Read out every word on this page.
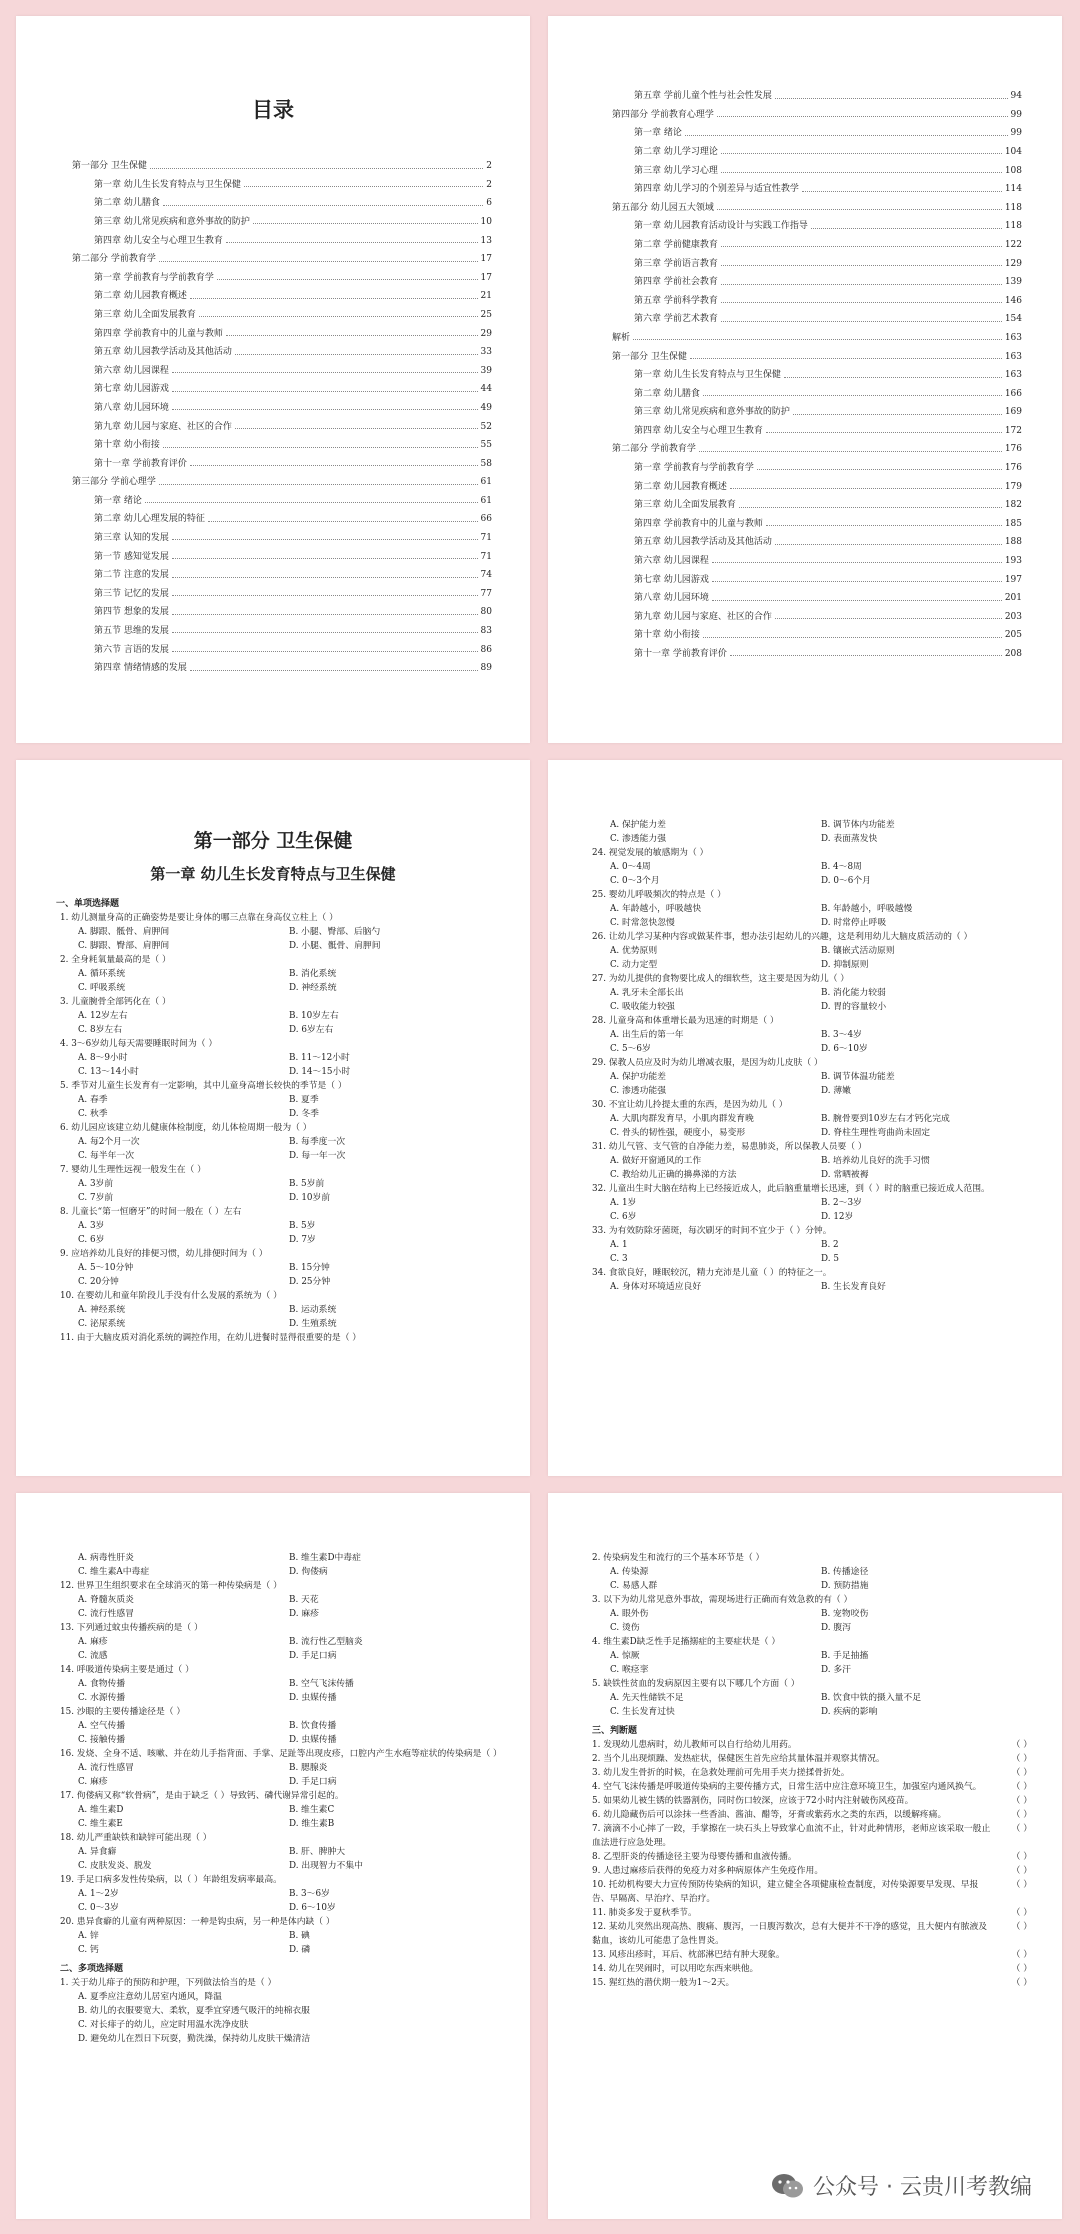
目录
第一部分 卫生保健	2
第一章 幼儿生长发育特点与卫生保健	2
第二章 幼儿膳食	6
第三章 幼儿常见疾病和意外事故的防护	10
第四章 幼儿安全与心理卫生教育	13
第二部分 学前教育学	17
第一章 学前教育与学前教育学	17
第二章 幼儿园教育概述	21
第三章 幼儿全面发展教育	25
第四章 学前教育中的儿童与教师	29
第五章 幼儿园教学活动及其他活动	33
第六章 幼儿园课程	39
第七章 幼儿园游戏	44
第八章 幼儿园环境	49
第九章 幼儿园与家庭、社区的合作	52
第十章 幼小衔接	55
第十一章 学前教育评价	58
第三部分 学前心理学	61
第一章 绪论	61
第二章 幼儿心理发展的特征	66
第三章 认知的发展	71
第一节 感知觉发展	71
第二节 注意的发展	74
第三节 记忆的发展	77
第四节 想象的发展	80
第五节 思维的发展	83
第六节 言语的发展	86
第四章 情绪情感的发展	89
第五章 学前儿童个性与社会性发展	94
第四部分 学前教育心理学	99
第一章 绪论	99
第二章 幼儿学习理论	104
第三章 幼儿学习心理	108
第四章 幼儿学习的个别差异与适宜性教学	114
第五部分 幼儿园五大领域	118
第一章 幼儿园教育活动设计与实践工作指导	118
第二章 学前健康教育	122
第三章 学前语言教育	129
第四章 学前社会教育	139
第五章 学前科学教育	146
第六章 学前艺术教育	154
解析	163
第一部分 卫生保健	163
第一章 幼儿生长发育特点与卫生保健	163
第二章 幼儿膳食	166
第三章 幼儿常见疾病和意外事故的防护	169
第四章 幼儿安全与心理卫生教育	172
第二部分 学前教育学	176
第一章 学前教育与学前教育学	176
第二章 幼儿园教育概述	179
第三章 幼儿全面发展教育	182
第四章 学前教育中的儿童与教师	185
第五章 幼儿园教学活动及其他活动	188
第六章 幼儿园课程	193
第七章 幼儿园游戏	197
第八章 幼儿园环境	201
第九章 幼儿园与家庭、社区的合作	203
第十章 幼小衔接	205
第十一章 学前教育评价	208
第一部分 卫生保健
第一章 幼儿生长发育特点与卫生保健
一、单项选择题
1. 幼儿测量身高的正确姿势是要让身体的哪三点靠在身高仪立柱上（ ）
A. 脚跟、骶骨、肩胛间	B. 小腿、臀部、后脑勺
C. 脚跟、臀部、肩胛间	D. 小腿、骶骨、肩胛间
2. 全身耗氧量最高的是（ ）
A. 循环系统	B. 消化系统
C. 呼吸系统	D. 神经系统
3. 儿童腕骨全部钙化在（ ）
A. 12岁左右	B. 10岁左右
C. 8岁左右	D. 6岁左右
4. 3～6岁幼儿每天需要睡眠时间为（ ）
A. 8～9小时	B. 11～12小时
C. 13～14小时	D. 14～15小时
5. 季节对儿童生长发育有一定影响，其中儿童身高增长较快的季节是（ ）
A. 春季	B. 夏季
C. 秋季	D. 冬季
6. 幼儿园应该建立幼儿健康体检制度，幼儿体检周期一般为（ ）
A. 每2个月一次	B. 每季度一次
C. 每半年一次	D. 每一年一次
7. 婴幼儿生理性远视一般发生在（ ）
A. 3岁前	B. 5岁前
C. 7岁前	D. 10岁前
8. 儿童长“第一恒磨牙”的时间一般在（ ）左右
A. 3岁	B. 5岁
C. 6岁	D. 7岁
9. 应培养幼儿良好的排便习惯，幼儿排便时间为（ ）
A. 5～10分钟	B. 15分钟
C. 20分钟	D. 25分钟
10. 在婴幼儿和童年阶段儿手没有什么发展的系统为（ ）
A. 神经系统	B. 运动系统
C. 泌尿系统	D. 生殖系统
11. 由于大脑皮质对消化系统的调控作用，在幼儿进餐时显得很重要的是（ ）
A. 保护能力差	B. 调节体内功能差
C. 渗透能力强	D. 表面蒸发快
24. 视觉发展的敏感期为（ ）
A. 0～4周	B. 4～8周
C. 0～3个月	D. 0～6个月
25. 婴幼儿呼吸频次的特点是（ ）
A. 年龄越小，呼吸越快	B. 年龄越小，呼吸越慢
C. 时常忽快忽慢	D. 时常停止呼吸
26. 让幼儿学习某种内容或做某件事，想办法引起幼儿的兴趣，这是利用幼儿大脑皮质活动的（ ）
A. 优势原则	B. 镶嵌式活动原则
C. 动力定型	D. 抑制原则
27. 为幼儿提供的食物要比成人的细软些，这主要是因为幼儿（ ）
A. 乳牙未全部长出	B. 消化能力较弱
C. 吸收能力较强	D. 胃的容量较小
28. 儿童身高和体重增长最为迅速的时期是（ ）
A. 出生后的第一年	B. 3～4岁
C. 5～6岁	D. 6～10岁
29. 保教人员应及时为幼儿增减衣服，是因为幼儿皮肤（ ）
A. 保护功能差	B. 调节体温功能差
C. 渗透功能强	D. 薄嫩
30. 不宜让幼儿拎提太重的东西，是因为幼儿（ ）
A. 大肌肉群发育早，小肌肉群发育晚	B. 腕骨要到10岁左右才钙化完成
C. 骨头的韧性强，硬度小，易变形	D. 脊柱生理性弯曲尚未固定
31. 幼儿气管、支气管的自净能力差，易患肺炎，所以保教人员要（ ）
A. 做好开窗通风的工作	B. 培养幼儿良好的洗手习惯
C. 教给幼儿正确的擤鼻涕的方法	D. 常晒被褥
32. 儿童出生时大脑在结构上已经接近成人，此后脑重量增长迅速，到（ ）时的脑重已接近成人范围。
A. 1岁	B. 2～3岁
C. 6岁	D. 12岁
33. 为有效防除牙菌斑，每次刷牙的时间不宜少于（ ）分钟。
A. 1	B. 2
C. 3	D. 5
34. 食欲良好，睡眠较沉，精力充沛是儿童（ ）的特征之一。
A. 身体对环境适应良好	B. 生长发育良好
A. 病毒性肝炎	B. 维生素D中毒症
C. 维生素A中毒症	D. 佝偻病
12. 世界卫生组织要求在全球消灭的第一种传染病是（ ）
A. 脊髓灰质炎	B. 天花
C. 流行性感冒	D. 麻疹
13. 下列通过蚊虫传播疾病的是（ ）
A. 麻疹	B. 流行性乙型脑炎
C. 流感	D. 手足口病
14. 呼吸道传染病主要是通过（ ）
A. 食物传播	B. 空气飞沫传播
C. 水源传播	D. 虫媒传播
15. 沙眼的主要传播途径是（ ）
A. 空气传播	B. 饮食传播
C. 接触传播	D. 虫媒传播
16. 发烧、全身不适、咳嗽、并在幼儿手指背面、手掌、足趾等出现皮疹，口腔内产生水疱等症状的传染病是（ ）
A. 流行性感冒	B. 腮腺炎
C. 麻疹	D. 手足口病
17. 佝偻病又称“软骨病”，是由于缺乏（ ）导致钙、磷代谢异常引起的。
A. 维生素D	B. 维生素C
C. 维生素E	D. 维生素B
18. 幼儿严重缺铁和缺锌可能出现（ ）
A. 异食癖	B. 肝、脾肿大
C. 皮肤发炎、脱发	D. 出现智力不集中
19. 手足口病多发性传染病，以（ ）年龄组发病率最高。
A. 1～2岁	B. 3～6岁
C. 0～3岁	D. 6～10岁
20. 患异食癖的儿童有两种原因：一种是钩虫病，另一种是体内缺（ ）
A. 锌	B. 碘
C. 钙	D. 磷
二、多项选择题
1. 关于幼儿痱子的预防和护理，下列做法恰当的是（ ）
A. 夏季应注意幼儿居室内通风，降温
B. 幼儿的衣服要宽大、柔软，夏季宜穿透气吸汗的纯棉衣服
C. 对长痱子的幼儿，应定时用温水洗净皮肤
D. 避免幼儿在烈日下玩耍，勤洗澡，保持幼儿皮肤干燥清洁
2. 传染病发生和流行的三个基本环节是（ ）
A. 传染源	B. 传播途径
C. 易感人群	D. 预防措施
3. 以下为幼儿常见意外事故，需现场进行正确而有效急救的有（ ）
A. 眼外伤	B. 宠物咬伤
C. 烫伤	D. 腹泻
4. 维生素D缺乏性手足搐搦症的主要症状是（ ）
A. 惊厥	B. 手足抽搐
C. 喉痉挛	D. 多汗
5. 缺铁性贫血的发病原因主要有以下哪几个方面（ ）
A. 先天性储铁不足	B. 饮食中铁的摄入量不足
C. 生长发育过快	D. 疾病的影响
三、判断题
1. 发现幼儿患病时，幼儿教师可以自行给幼儿用药。	（ ）
2. 当个儿出现烦躁、发热症状，保健医生首先应给其量体温并观察其情况。	（ ）
3. 幼儿发生骨折的时候，在急救处理前可先用手夹力搓揉骨折处。	（ ）
4. 空气飞沫传播是呼吸道传染病的主要传播方式，日常生活中应注意环境卫生，加强室内通风换气。	（ ）
5. 如果幼儿被生锈的铁器割伤，同时伤口较深，应该于72小时内注射破伤风疫苗。	（ ）
6. 幼儿隐藏伤后可以涂抹一些香油、酱油、醋等，牙膏或紫药水之类的东西，以缓解疼痛。	（ ）
7. 滴滴不小心摔了一跤，手掌擦在一块石头上导致掌心血流不止，针对此种情形，老师应该采取一般止血法进行应急处理。
（ ）
8. 乙型肝炎的传播途径主要为母婴传播和血液传播。	（ ）
9. 人患过麻疹后获得的免疫力对多种病原体产生免疫作用。	（ ）
10. 托幼机构要大力宣传预防传染病的知识，建立健全各项健康检查制度，对传染源要早发现、早报告、早隔离、早治疗、早治疗。
（ ）
11. 肺炎多发于夏秋季节。	（ ）
12. 某幼儿突然出现高热、腹痛、腹泻，一日腹泻数次，总有大便并不干净的感觉，且大便内有脓液及黏血，该幼儿可能患了急性胃炎。
（ ）
13. 风疹出疹时，耳后、枕部淋巴结有肿大现象。	（ ）
14. 幼儿在哭闹时，可以用吃东西来哄他。	（ ）
15. 猩红热的潜伏期一般为1～2天。	（ ）
公众号 · 云贵川考教编
